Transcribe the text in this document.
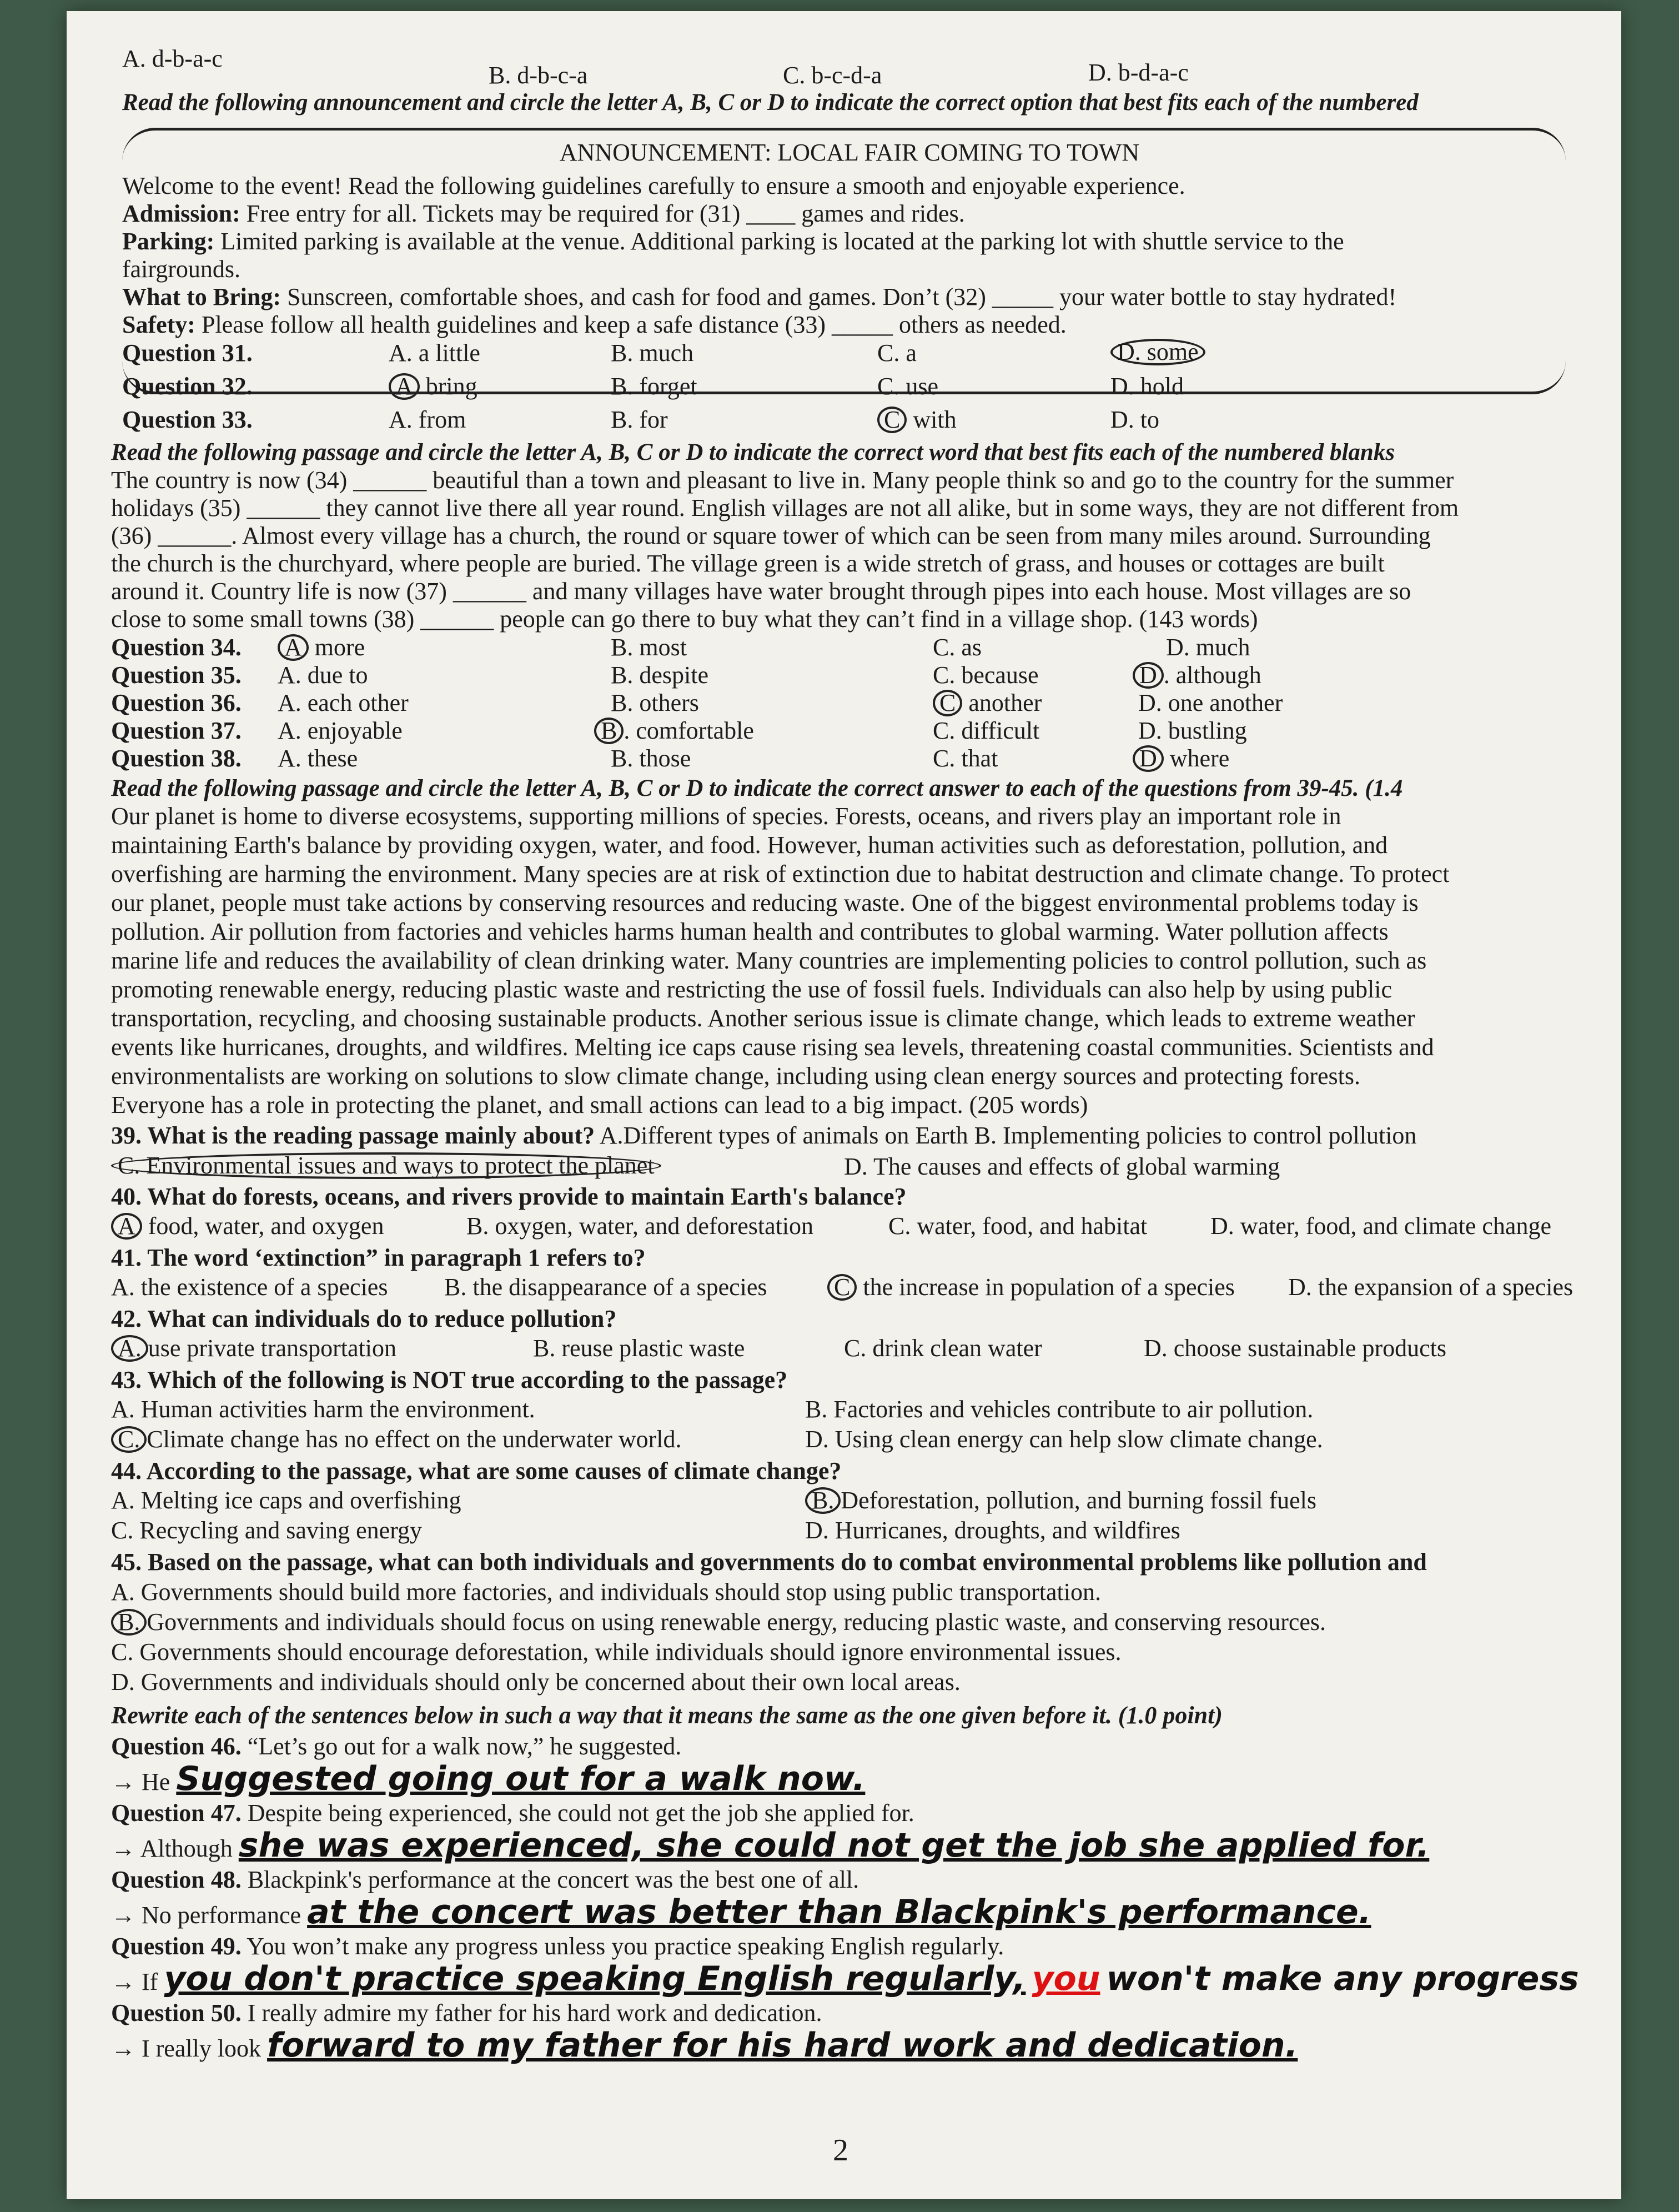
A. d-b-a-c
B. d-b-c-a	C. b-c-d-a	D. b-d-a-c
Read the following announcement and circle the letter A, B, C or D to indicate the correct option that best fits each of the numbered
ANNOUNCEMENT: LOCAL FAIR COMING TO TOWN
Welcome to the event! Read the following guidelines carefully to ensure a smooth and enjoyable experience.
Admission: Free entry for all. Tickets may be required for (31) ____ games and rides.
Parking: Limited parking is available at the venue. Additional parking is located at the parking lot with shuttle service to the
fairgrounds.
What to Bring: Sunscreen, comfortable shoes, and cash for food and games. Don’t (32) _____ your water bottle to stay hydrated!
Safety: Please follow all health guidelines and keep a safe distance (33) _____ others as needed.
Question 31.	A. a little	B. much	C. a	D. some
Question 32.	A bring	B. forget	C. use	D. hold
Question 33.	A. from	B. for	C with	D. to
Read the following passage and circle the letter A, B, C or D to indicate the correct word that best fits each of the numbered blanks
The country is now (34) ______ beautiful than a town and pleasant to live in. Many people think so and go to the country for the summer
holidays (35) ______ they cannot live there all year round. English villages are not all alike, but in some ways, they are not different from
(36) ______. Almost every village has a church, the round or square tower of which can be seen from many miles around. Surrounding
the church is the churchyard, where people are buried. The village green is a wide stretch of grass, and houses or cottages are built
around it. Country life is now (37) ______ and many villages have water brought through pipes into each house. Most villages are so
close to some small towns (38) ______ people can go there to buy what they can’t find in a village shop. (143 words)
Question 34. A more	B. most	C. as	D. much
Question 35. A. due to	B. despite	C. because	D . although
Question 36. A. each other	B. others	C another	D. one another
Question 37. A. enjoyable	B . comfortable	C. difficult	D. bustling
Question 38. A. these	B. those	C. that	D where
Read the following passage and circle the letter A, B, C or D to indicate the correct answer to each of the questions from 39-45. (1.4
Our planet is home to diverse ecosystems, supporting millions of species. Forests, oceans, and rivers play an important role in
maintaining Earth's balance by providing oxygen, water, and food. However, human activities such as deforestation, pollution, and
overfishing are harming the environment. Many species are at risk of extinction due to habitat destruction and climate change. To protect
our planet, people must take actions by conserving resources and reducing waste. One of the biggest environmental problems today is
pollution. Air pollution from factories and vehicles harms human health and contributes to global warming. Water pollution affects
marine life and reduces the availability of clean drinking water. Many countries are implementing policies to control pollution, such as
promoting renewable energy, reducing plastic waste and restricting the use of fossil fuels. Individuals can also help by using public
transportation, recycling, and choosing sustainable products. Another serious issue is climate change, which leads to extreme weather
events like hurricanes, droughts, and wildfires. Melting ice caps cause rising sea levels, threatening coastal communities. Scientists and
environmentalists are working on solutions to slow climate change, including using clean energy sources and protecting forests.
Everyone has a role in protecting the planet, and small actions can lead to a big impact. (205 words)
39. What is the reading passage mainly about? A.Different types of animals on Earth B. Implementing policies to control pollution
C. Environmental issues and ways to protect the planet	D. The causes and effects of global warming
40. What do forests, oceans, and rivers provide to maintain Earth's balance?
A food, water, and oxygen	B. oxygen, water, and deforestation	C. water, food, and habitat	D. water, food, and climate change
41. The word ‘extinction” in paragraph 1 refers to?
A. the existence of a species B. the disappearance of a species	C the increase in population of a species D. the expansion of a species
42. What can individuals do to reduce pollution?
A. use private transportation	B. reuse plastic waste	C. drink clean water	D. choose sustainable products
43. Which of the following is NOT true according to the passage?
A. Human activities harm the environment.	B. Factories and vehicles contribute to air pollution.
C. Climate change has no effect on the underwater world.	D. Using clean energy can help slow climate change.
44. According to the passage, what are some causes of climate change?
A. Melting ice caps and overfishing	B. Deforestation, pollution, and burning fossil fuels
C. Recycling and saving energy	D. Hurricanes, droughts, and wildfires
45. Based on the passage, what can both individuals and governments do to combat environmental problems like pollution and
A. Governments should build more factories, and individuals should stop using public transportation.
B. Governments and individuals should focus on using renewable energy, reducing plastic waste, and conserving resources.
C. Governments should encourage deforestation, while individuals should ignore environmental issues.
D. Governments and individuals should only be concerned about their own local areas.
Rewrite each of the sentences below in such a way that it means the same as the one given before it. (1.0 point)
Question 46. “Let’s go out for a walk now,” he suggested.
→ He Suggested going out for a walk now.
Question 47. Despite being experienced, she could not get the job she applied for.
→ Although she was experienced, she could not get the job she applied for.
Question 48. Blackpink's performance at the concert was the best one of all.
→ No performance at the concert was better than Blackpink's performance.
Question 49. You won’t make any progress unless you practice speaking English regularly.
→ If you don't practice speaking English regularly, you won't make any progress
Question 50. I really admire my father for his hard work and dedication.
→ I really look forward to my father for his hard work and dedication.
2
